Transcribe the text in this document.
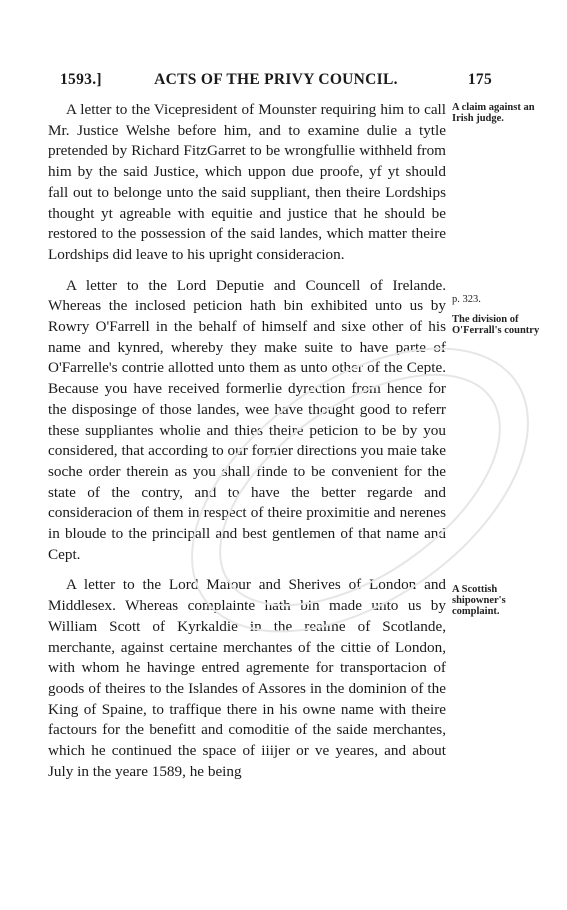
1593.]	ACTS OF THE PRIVY COUNCIL.	175

A letter to the Vicepresident of Mounster requiring him to call Mr. Justice Welshe before him, and to examine dulie a tytle pretended by Richard FitzGarret to be wrongfullie withheld from him by the said Justice, which uppon due proofe, yf yt should fall out to belonge unto the said suppliant, then theire Lordships thought yt agreable with equitie and justice that he should be restored to the possession of the said landes, which matter theire Lordships did leave to his upright consideracion.

A letter to the Lord Deputie and Councell of Irelande. Whereas the inclosed peticion hath bin exhibited unto us by Rowry O'Farrell in the behalf of himself and sixe other of his name and kynred, whereby they make suite to have parte of O'Farrelle's contrie allotted unto them as unto other of the Cepte. Because you have received formerlie dyrection from hence for the disposinge of those landes, wee have thought good to referr these suppliantes wholie and thies theire peticion to be by you considered, that according to our former directions you maie take soche order therein as you shall finde to be convenient for the state of the contry, and to have the better regarde and consideracion of them in respect of theire proximitie and nerenes in bloude to the principall and best gentlemen of that name and Cept.

A letter to the Lord Maiour and Sherives of London and Middlesex. Whereas complainte hath bin made unto us by William Scott of Kyrkaldie in the realme of Scotlande, merchante, against certaine merchantes of the cittie of London, with whom he havinge entred agremente for transportacion of goods of theires to the Islandes of Assores in the dominion of the King of Spaine, to traffique there in his owne name with theire factours for the benefitt and comoditie of the saide merchantes, which he continued the space of iiijer or ve yeares, and about July in the yeare 1589, he being

A claim against an Irish judge.
p. 323.
The division of O'Ferrall's country
A Scottish shipowner's complaint.
